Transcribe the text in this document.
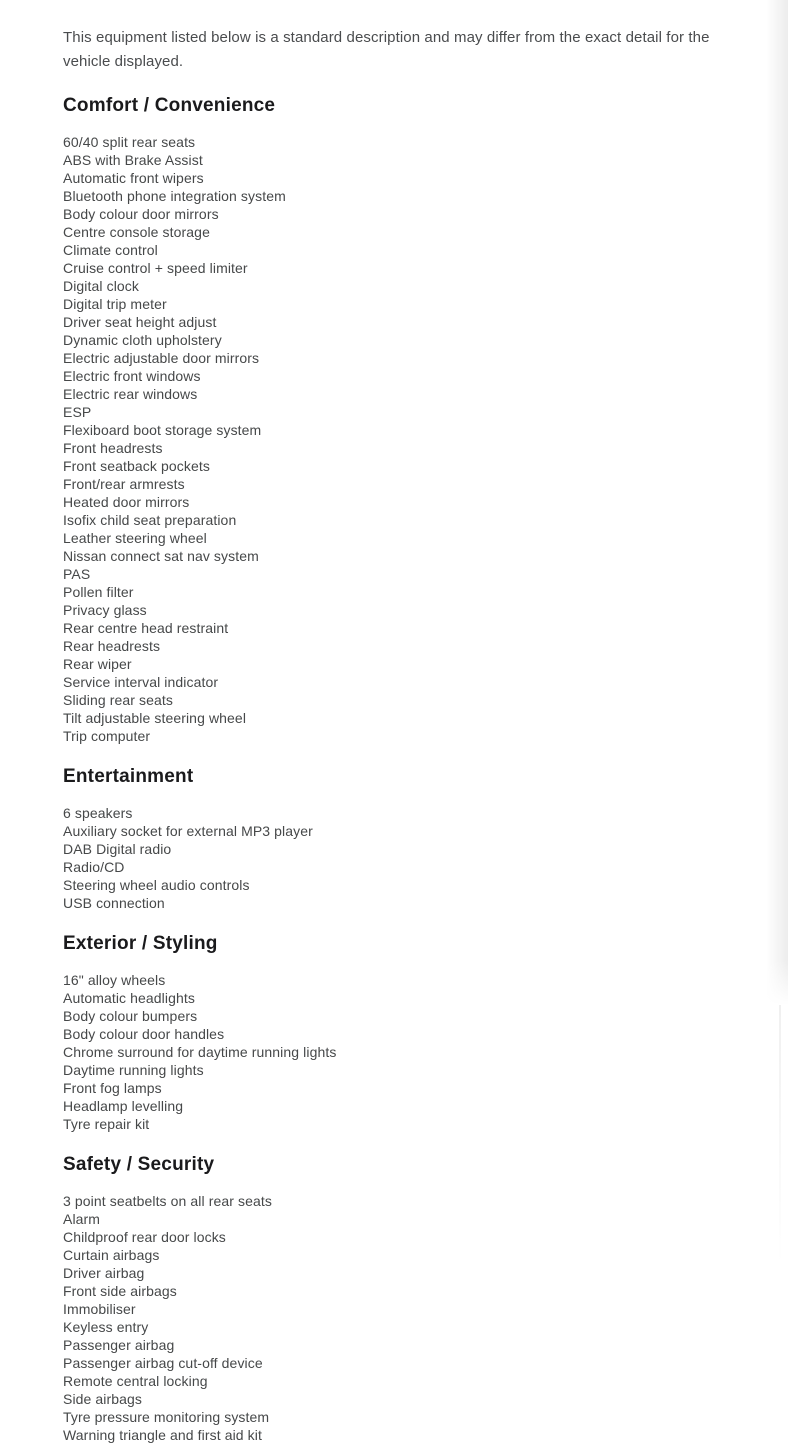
This equipment listed below is a standard description and may differ from the exact detail for the vehicle displayed.

Comfort / Convenience
60/40 split rear seats
ABS with Brake Assist
Automatic front wipers
Bluetooth phone integration system
Body colour door mirrors
Centre console storage
Climate control
Cruise control + speed limiter
Digital clock
Digital trip meter
Driver seat height adjust
Dynamic cloth upholstery
Electric adjustable door mirrors
Electric front windows
Electric rear windows
ESP
Flexiboard boot storage system
Front headrests
Front seatback pockets
Front/rear armrests
Heated door mirrors
Isofix child seat preparation
Leather steering wheel
Nissan connect sat nav system
PAS
Pollen filter
Privacy glass
Rear centre head restraint
Rear headrests
Rear wiper
Service interval indicator
Sliding rear seats
Tilt adjustable steering wheel
Trip computer
Entertainment
6 speakers
Auxiliary socket for external MP3 player
DAB Digital radio
Radio/CD
Steering wheel audio controls
USB connection
Exterior / Styling
16" alloy wheels
Automatic headlights
Body colour bumpers
Body colour door handles
Chrome surround for daytime running lights
Daytime running lights
Front fog lamps
Headlamp levelling
Tyre repair kit
Safety / Security
3 point seatbelts on all rear seats
Alarm
Childproof rear door locks
Curtain airbags
Driver airbag
Front side airbags
Immobiliser
Keyless entry
Passenger airbag
Passenger airbag cut-off device
Remote central locking
Side airbags
Tyre pressure monitoring system
Warning triangle and first aid kit
